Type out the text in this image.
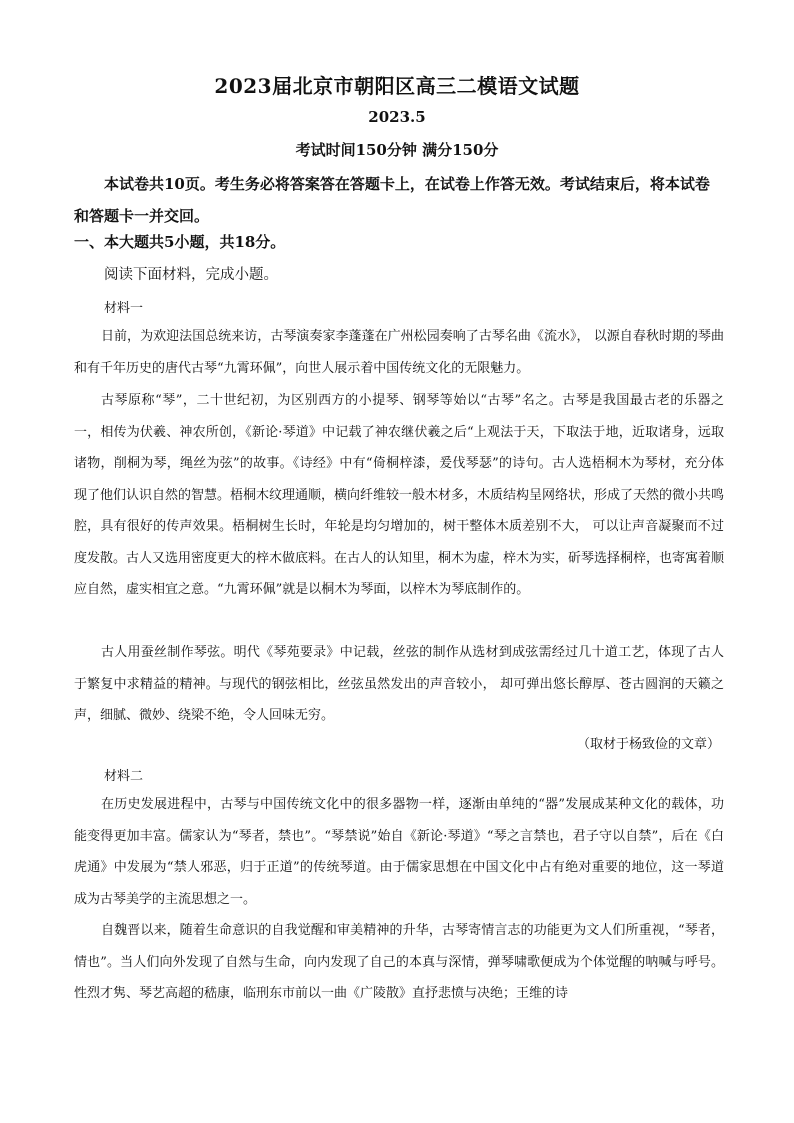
2023届北京市朝阳区高三二模语文试题
2023.5
考试时间150分钟 满分150分
本试卷共10页。考生务必将答案答在答题卡上，在试卷上作答无效。考试结束后，将本试卷和答题卡一并交回。
一、本大题共5小题，共18分。
阅读下面材料，完成小题。
材料一
日前，为欢迎法国总统来访，古琴演奏家李蓬蓬在广州松园奏响了古琴名曲《流水》， 以源自春秋时期的琴曲和有千年历史的唐代古琴“九霄环佩”，向世人展示着中国传统文化的无限魅力。
古琴原称“琴”，二十世纪初，为区别西方的小提琴、钢琴等始以“古琴”名之。古琴是我国最古老的乐器之一，相传为伏羲、神农所创，《新论·琴道》中记载了神农继伏羲之后“上观法于天，下取法于地，近取诸身，远取诸物，削桐为琴，绳丝为弦”的故事。《诗经》中有“倚桐梓漆，爰伐琴瑟”的诗句。古人选梧桐木为琴材，充分体现了他们认识自然的智慧。梧桐木纹理通顺，横向纤维较一般木材多，木质结构呈网络状，形成了天然的微小共鸣腔，具有很好的传声效果。梧桐树生长时，年轮是均匀增加的，树干整体木质差别不大， 可以让声音凝聚而不过度发散。古人又选用密度更大的梓木做底料。在古人的认知里，桐木为虚，梓木为实，斫琴选择桐梓，也寄寓着顺应自然，虚实相宜之意。“九霄环佩”就是以桐木为琴面，以梓木为琴底制作的。
古人用蚕丝制作琴弦。明代《琴苑要录》中记载，丝弦的制作从选材到成弦需经过几十道工艺，体现了古人于繁复中求精益的精神。与现代的钢弦相比，丝弦虽然发出的声音较小， 却可弹出悠长醇厚、苍古圆润的天籁之声，细腻、微妙、绕梁不绝，令人回味无穷。
（取材于杨致俭的文章）
材料二
在历史发展进程中，古琴与中国传统文化中的很多器物一样，逐渐由单纯的“器”发展成某种文化的载体，功能变得更加丰富。儒家认为“琴者，禁也”。“琴禁说”始自《新论·琴道》“琴之言禁也，君子守以自禁”，后在《白虎通》中发展为“禁人邪恶，归于正道”的传统琴道。由于儒家思想在中国文化中占有绝对重要的地位，这一琴道成为古琴美学的主流思想之一。
自魏晋以来，随着生命意识的自我觉醒和审美精神的升华，古琴寄情言志的功能更为文人们所重视，“琴者，情也”。当人们向外发现了自然与生命，向内发现了自己的本真与深情，弹琴啸歌便成为个体觉醒的呐喊与呼号。性烈才隽、琴艺高超的嵇康，临刑东市前以一曲《广陵散》直抒悲愤与决绝；王维的诗
